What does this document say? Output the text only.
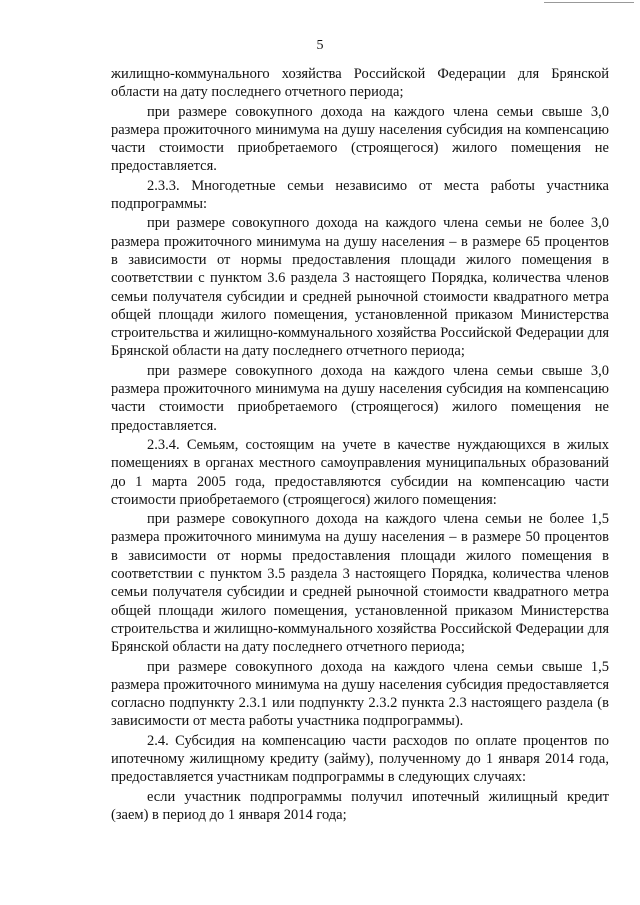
5

жилищно-коммунального хозяйства Российской Федерации для Брянской области на дату последнего отчетного периода;

при размере совокупного дохода на каждого члена семьи свыше 3,0 размера прожиточного минимума на душу населения субсидия на компенсацию части стоимости приобретаемого (строящегося) жилого помещения не предоставляется.

2.3.3. Многодетные семьи независимо от места работы участника подпрограммы:

при размере совокупного дохода на каждого члена семьи не более 3,0 размера прожиточного минимума на душу населения – в размере 65 процентов в зависимости от нормы предоставления площади жилого помещения в соответствии с пунктом 3.6 раздела 3 настоящего Порядка, количества членов семьи получателя субсидии и средней рыночной стоимости квадратного метра общей площади жилого помещения, установленной приказом Министерства строительства и жилищно-коммунального хозяйства Российской Федерации для Брянской области на дату последнего отчетного периода;

при размере совокупного дохода на каждого члена семьи свыше 3,0 размера прожиточного минимума на душу населения субсидия на компенсацию части стоимости приобретаемого (строящегося) жилого помещения не предоставляется.

2.3.4. Семьям, состоящим на учете в качестве нуждающихся в жилых помещениях в органах местного самоуправления муниципальных образований до 1 марта 2005 года, предоставляются субсидии на компенсацию части стоимости приобретаемого (строящегося) жилого помещения:

при размере совокупного дохода на каждого члена семьи не более 1,5 размера прожиточного минимума на душу населения – в размере 50 процентов в зависимости от нормы предоставления площади жилого помещения в соответствии с пунктом 3.5 раздела 3 настоящего Порядка, количества членов семьи получателя субсидии и средней рыночной стоимости квадратного метра общей площади жилого помещения, установленной приказом Министерства строительства и жилищно-коммунального хозяйства Российской Федерации для Брянской области на дату последнего отчетного периода;

при размере совокупного дохода на каждого члена семьи свыше 1,5 размера прожиточного минимума на душу населения субсидия предоставляется согласно подпункту 2.3.1 или подпункту 2.3.2 пункта 2.3 настоящего раздела (в зависимости от места работы участника подпрограммы).

2.4. Субсидия на компенсацию части расходов по оплате процентов по ипотечному жилищному кредиту (займу), полученному до 1 января 2014 года, предоставляется участникам подпрограммы в следующих случаях:

если участник подпрограммы получил ипотечный жилищный кредит (заем) в период до 1 января 2014 года;
